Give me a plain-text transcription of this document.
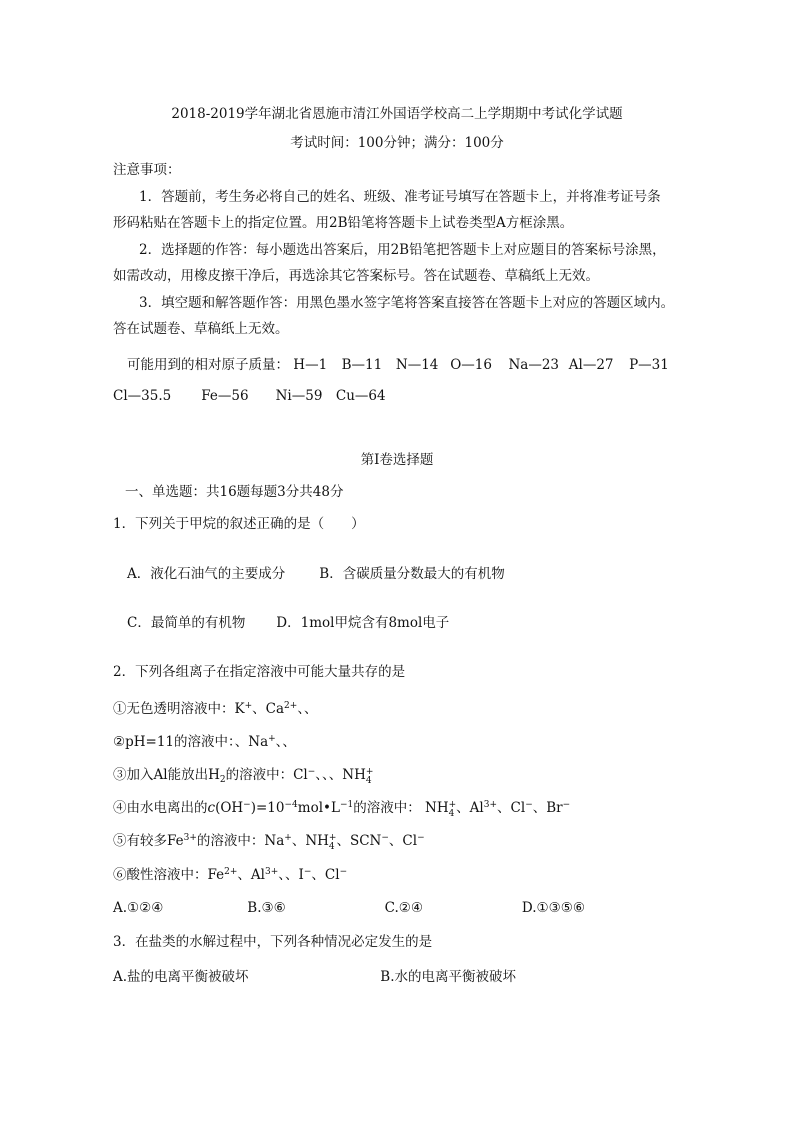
2018-2019学年湖北省恩施市清江外国语学校高二上学期期中考试化学试题
考试时间：100分钟；满分：100分
注意事项：
1．答题前，考生务必将自己的姓名、班级、准考证号填写在答题卡上，并将准考证号条
形码粘贴在答题卡上的指定位置。用2B铅笔将答题卡上试卷类型A方框涂黑。
2．选择题的作答：每小题选出答案后，用2B铅笔把答题卡上对应题目的答案标号涂黑，
如需改动，用橡皮擦干净后，再选涂其它答案标号。答在试题卷、草稿纸上无效。
3．填空题和解答题作答：用黑色墨水签字笔将答案直接答在答题卡上对应的答题区域内。
答在试题卷、草稿纸上无效。
可能用到的相对原子质量： H—1 B—11 N—14 O—16 Na—23 Al—27 P—31
Cl—35.5 Fe—56 Ni—59 Cu—64
第I卷选择题
一、单选题：共16题每题3分共48分
1．下列关于甲烷的叙述正确的是（　　）
A．液化石油气的主要成分	B．含碳质量分数最大的有机物
C．最简单的有机物 D．1mol甲烷含有8mol电子
2．下列各组离子在指定溶液中可能大量共存的是
①无色透明溶液中：K+、$Ca^{2+}$、、
②pH=11的溶液中：、Na+、、
③加入Al能放出$H_2$的溶液中：Cl−、、、NH +
4
④由水电离出的$c(OH^-)=10^{-4}mol•L^{-1}$的溶液中： NH +
4 、$Al^{3+}$、Cl−、Br−
⑤有较多$Fe^{3+}$的溶液中：Na+、NH +
4 、SCN−、Cl−
⑥酸性溶液中：$Fe^{2+}$、$Al^{3+}$、、I−、Cl−
A.①②④	B.③⑥	C.②④	D.①③⑤⑥
3．在盐类的水解过程中，下列各种情况必定发生的是
A.盐的电离平衡被破坏	B.水的电离平衡被破坏
